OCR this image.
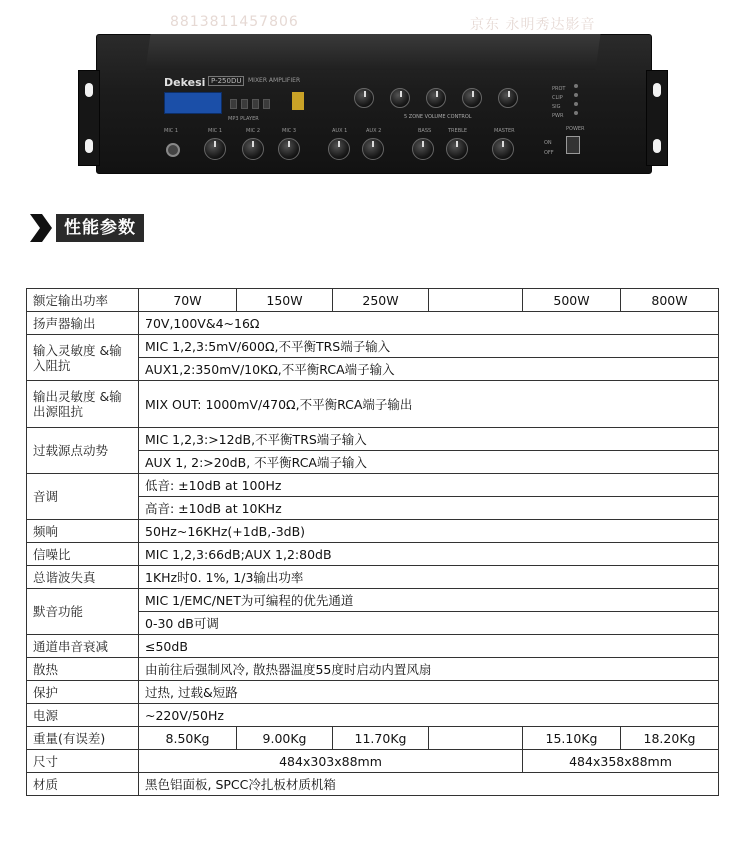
8813811457806	京东 永明秀达影音
Dekesi P-250DU	MIXER AMPLIFIER
MP3 PLAYER	5 ZONE VOLUME CONTROL
PROT
CLIP
SIG
PWR
MIC 1	MIC 1	MIC 2	MIC 3	AUX 1	AUX 2	BASS	TREBLE	MASTER	POWER
ON
OFF
性能参数
额定输出功率	70W	150W	250W		500W	800W
扬声器输出	70V,100V&4~16Ω					
输入灵敏度 &输入阻抗	MIC 1,2,3:5mV/600Ω,不平衡TRS端子输入					
	AUX1,2:350mV/10KΩ,不平衡RCA端子输入					
输出灵敏度 &输出源阻抗	MIX OUT: 1000mV/470Ω,不平衡RCA端子输出					
过载源点动势	MIC 1,2,3:>12dB,不平衡TRS端子输入					
	AUX 1, 2:>20dB, 不平衡RCA端子输入					
音调	低音: ±10dB at 100Hz					
	高音: ±10dB at 10KHz					
频响	50Hz~16KHz(+1dB,-3dB)					
信噪比	MIC 1,2,3:66dB;AUX 1,2:80dB					
总谐波失真	1KHz时0. 1%, 1/3输出功率					
默音功能	MIC 1/EMC/NET为可编程的优先通道					
	0-30 dB可调					
通道串音衰减	≤50dB					
散热	由前往后强制风冷, 散热器温度55度时启动内置风扇					
保护	过热, 过载&短路					
电源	~220V/50Hz					
重量(有误差)	8.50Kg	9.00Kg	11.70Kg		15.10Kg	18.20Kg
尺寸	484x303x88mm				484x358x88mm	
材质	黑色铝面板, SPCC冷扎板材质机箱					
